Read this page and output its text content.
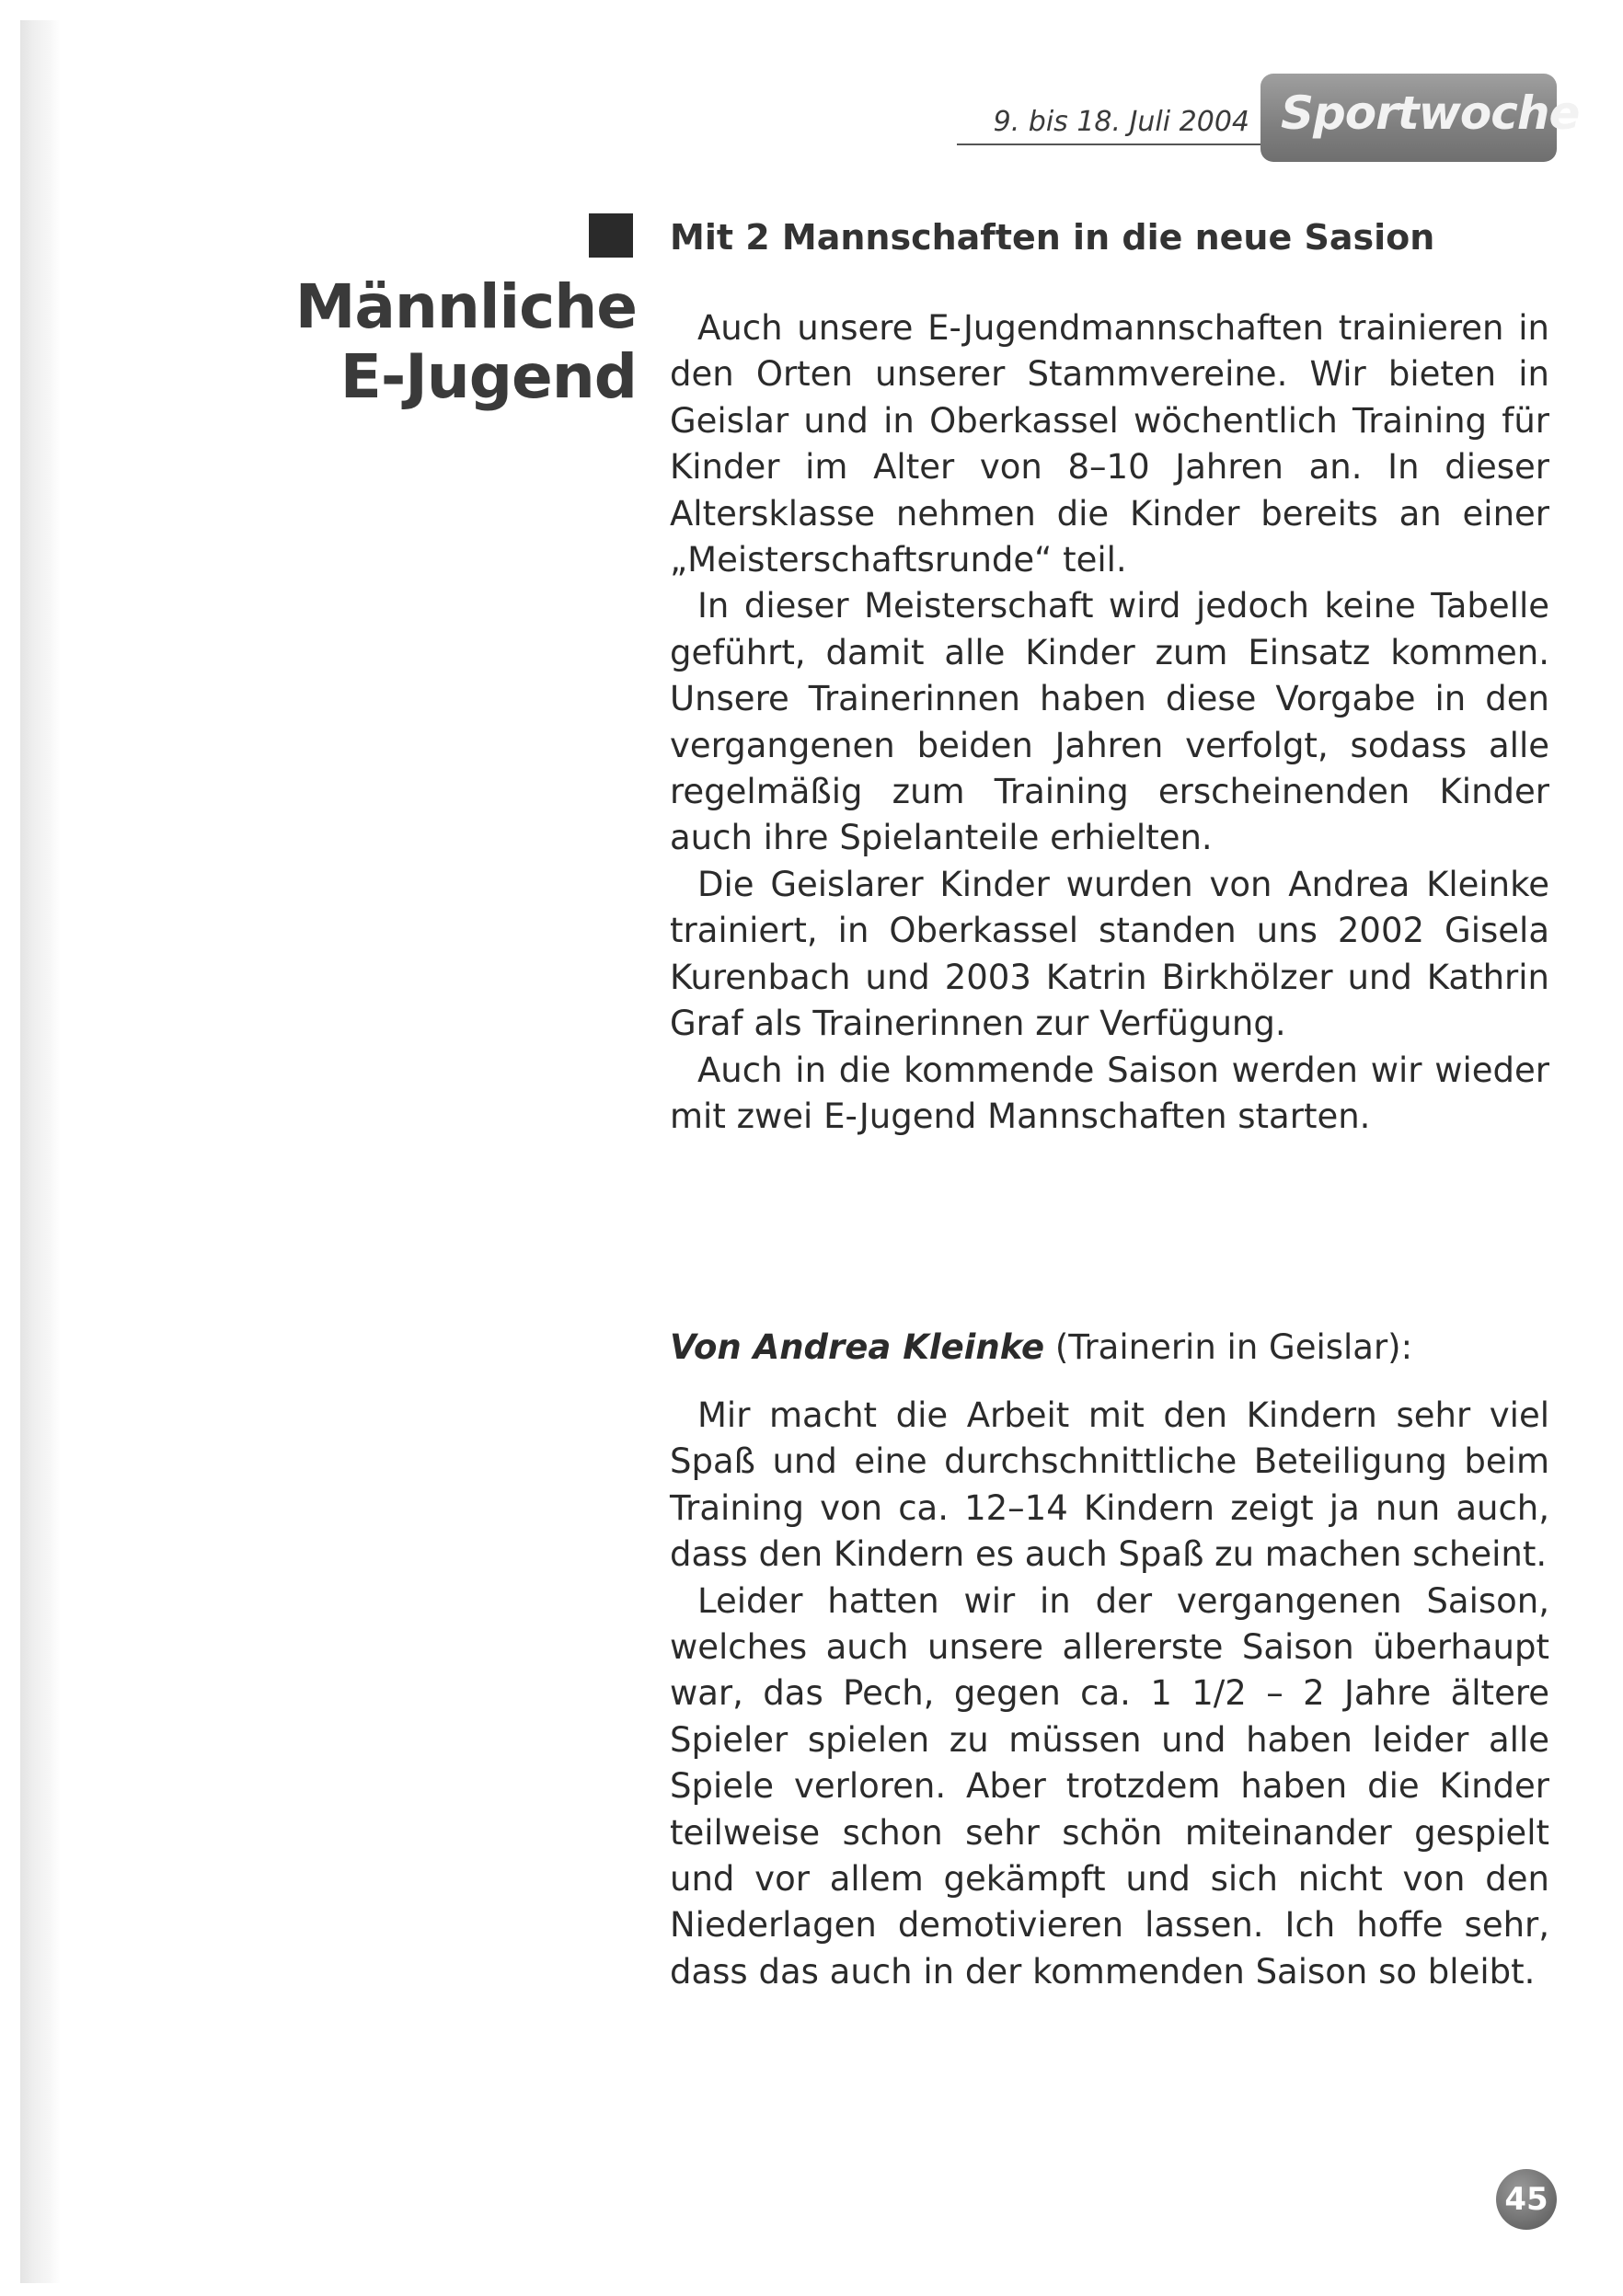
9. bis 18. Juli 2004 Sportwoche
Mit 2 Mannschaften in die neue Sasion
Männliche
E-Jugend

Auch unsere E-Jugendmannschaften trainieren in den Orten unserer Stammvereine. Wir bieten in Geislar und in Oberkassel wöchentlich Training für Kinder im Alter von 8–10 Jahren an. In dieser Altersklasse nehmen die Kinder bereits an einer „Meisterschaftsrunde“ teil.

In dieser Meisterschaft wird jedoch keine Tabelle geführt, damit alle Kinder zum Einsatz kommen. Unsere Trainerinnen haben diese Vorgabe in den vergangenen beiden Jahren verfolgt, sodass alle regelmäßig zum Training erscheinenden Kinder auch ihre Spielanteile erhielten.

Die Geislarer Kinder wurden von Andrea Kleinke trainiert, in Oberkassel standen uns 2002 Gisela Kurenbach und 2003 Katrin Birkhölzer und Kathrin Graf als Trainerinnen zur Verfügung.

Auch in die kommende Saison werden wir wieder mit zwei E-Jugend Mannschaften starten.

Von Andrea Kleinke (Trainerin in Geislar):

Mir macht die Arbeit mit den Kindern sehr viel Spaß und eine durchschnittliche Beteiligung beim Training von ca. 12–14 Kindern zeigt ja nun auch, dass den Kindern es auch Spaß zu machen scheint.

Leider hatten wir in der vergangenen Saison, welches auch unsere allererste Saison überhaupt war, das Pech, gegen ca. 1 1/2 – 2 Jahre ältere Spieler spielen zu müssen und haben leider alle Spiele verloren. Aber trotzdem haben die Kinder teilweise schon sehr schön miteinander gespielt und vor allem gekämpft und sich nicht von den Niederlagen demotivieren lassen. Ich hoffe sehr, dass das auch in der kommenden Saison so bleibt.

45
